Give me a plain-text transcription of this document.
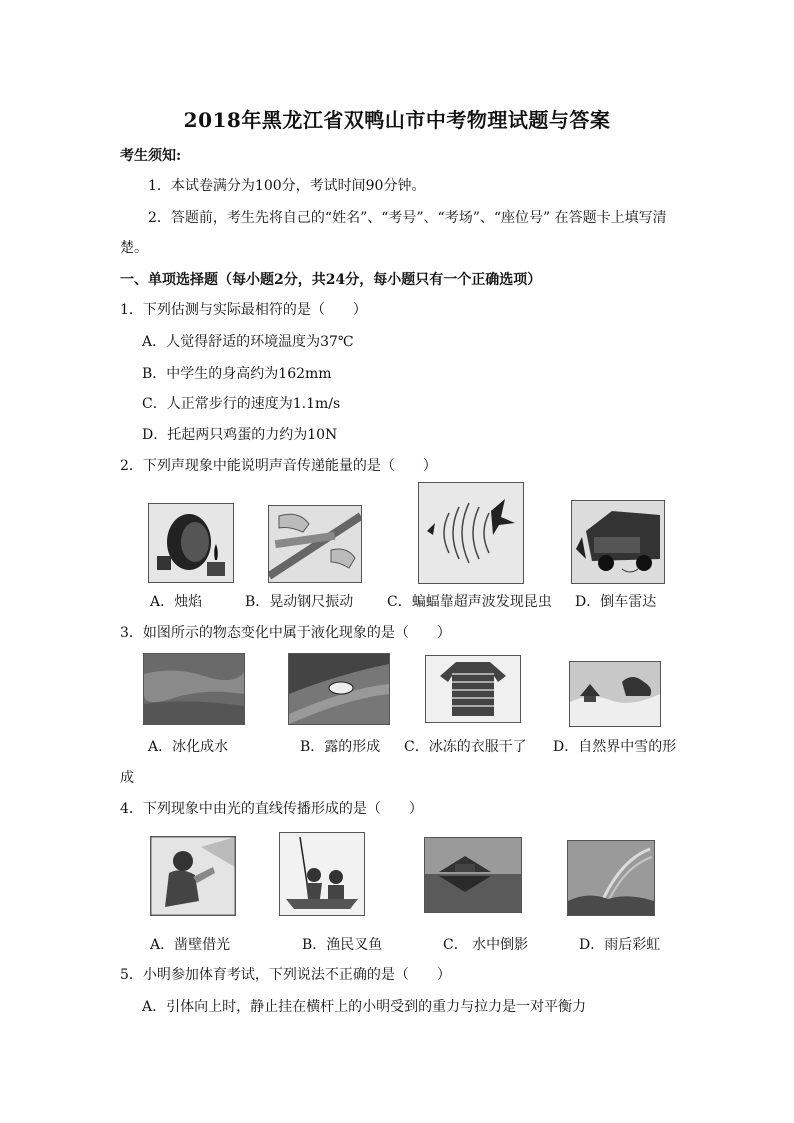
2018年黑龙江省双鸭山市中考物理试题与答案
考生须知:
1．本试卷满分为100分，考试时间90分钟。
2．答题前，考生先将自己的“姓名”、“考号”、“考场”、“座位号” 在答题卡上填写清
楚。
一、单项选择题（每小题2分，共24分，每小题只有一个正确选项）
1．下列估测与实际最相符的是（　　）
A．人觉得舒适的环境温度为37℃
B．中学生的身高约为162mm
C．人正常步行的速度为1.1m/s
D．托起两只鸡蛋的力约为10N
2．下列声现象中能说明声音传递能量的是（　　）
A．烛焰	B．晃动钢尺振动 C．蝙蝠靠超声波发现昆虫 D．倒车雷达
3．如图所示的物态变化中属于液化现象的是（　　）
A．冰化成水	B．露的形成 C．冰冻的衣服干了 D．自然界中雪的形
成
4．下列现象中由光的直线传播形成的是（　　）
A．凿壁借光	B．渔民叉鱼	C． 水中倒影	D．雨后彩虹
5．小明参加体育考试，下列说法不正确的是（　　）
A．引体向上时，静止挂在横杆上的小明受到的重力与拉力是一对平衡力
